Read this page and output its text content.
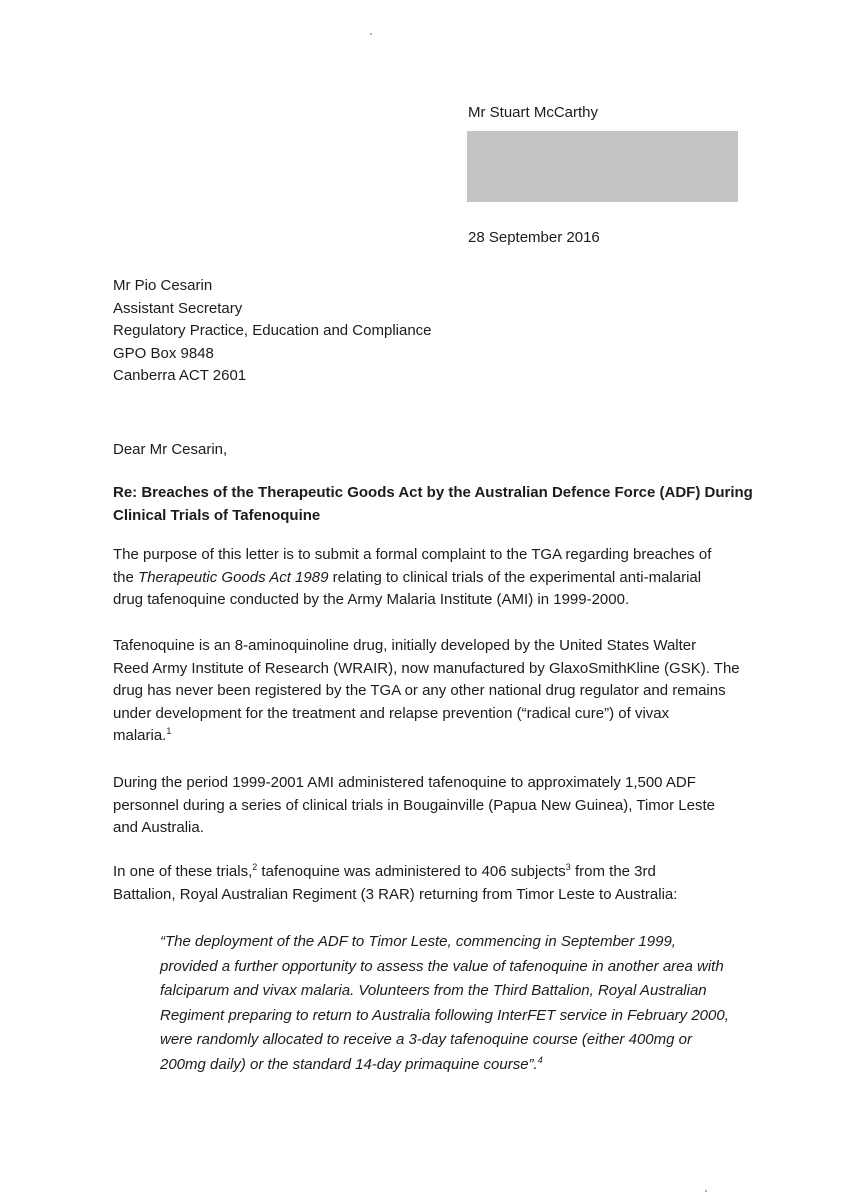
Mr Stuart McCarthy
28 September 2016
Mr Pio Cesarin
Assistant Secretary
Regulatory Practice, Education and Compliance
GPO Box 9848
Canberra ACT 2601
Dear Mr Cesarin,
Re: Breaches of the Therapeutic Goods Act by the Australian Defence Force (ADF) During
Clinical Trials of Tafenoquine
The purpose of this letter is to submit a formal complaint to the TGA regarding breaches of
the Therapeutic Goods Act 1989 relating to clinical trials of the experimental anti-malarial
drug tafenoquine conducted by the Army Malaria Institute (AMI) in 1999-2000.
Tafenoquine is an 8-aminoquinoline drug, initially developed by the United States Walter
Reed Army Institute of Research (WRAIR), now manufactured by GlaxoSmithKline (GSK). The
drug has never been registered by the TGA or any other national drug regulator and remains
under development for the treatment and relapse prevention (“radical cure”) of vivax
malaria.$^1$
During the period 1999-2001 AMI administered tafenoquine to approximately 1,500 ADF
personnel during a series of clinical trials in Bougainville (Papua New Guinea), Timor Leste
and Australia.
In one of these trials,$^2$ tafenoquine was administered to 406 subjects$^3$ from the 3rd
Battalion, Royal Australian Regiment (3 RAR) returning from Timor Leste to Australia:
“The deployment of the ADF to Timor Leste, commencing in September 1999,
provided a further opportunity to assess the value of tafenoquine in another area with
falciparum and vivax malaria. Volunteers from the Third Battalion, Royal Australian
Regiment preparing to return to Australia following InterFET service in February 2000,
were randomly allocated to receive a 3-day tafenoquine course (either 400mg or
200mg daily) or the standard 14-day primaquine course”.$^4$
